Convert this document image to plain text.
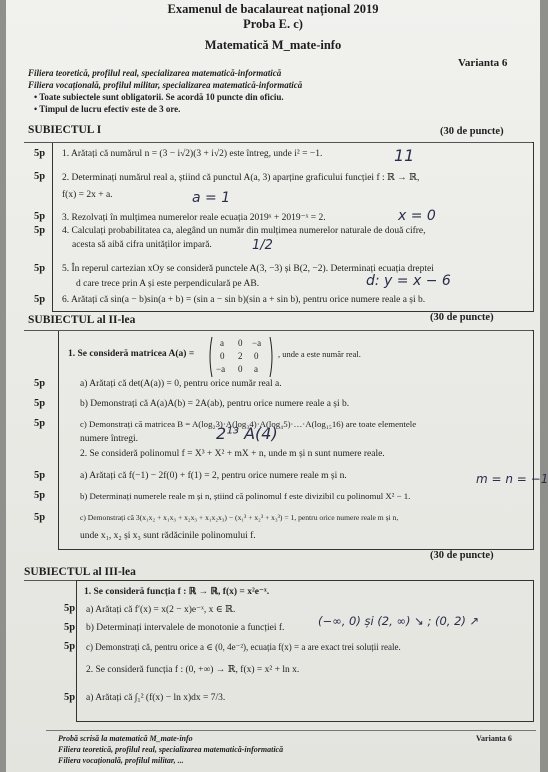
Examenul de bacalaureat național 2019
Proba E. c)
Matematică M_mate-info
Varianta 6
Filiera teoretică, profilul real, specializarea matematică-informatică
Filiera vocațională, profilul militar, specializarea matematică-informatică
• Toate subiectele sunt obligatorii. Se acordă 10 puncte din oficiu.
• Timpul de lucru efectiv este de 3 ore.
SUBIECTUL I	(30 de puncte)
5p 1. Arătați că numărul n = (3 − i√2)(3 + i√2) este întreg, unde i² = −1.
5p 2. Determinați numărul real a, știind că punctul A(a, 3) aparține graficului funcției f : ℝ → ℝ,
f(x) = 2x + a.
5p 3. Rezolvați în mulțimea numerelor reale ecuația 2019ˣ + 2019⁻ˣ = 2.
5p 4. Calculați probabilitatea ca, alegând un număr din mulțimea numerelor naturale de două cifre,
acesta să aibă cifra unităților impară.
5p 5. În reperul cartezian xOy se consideră punctele A(3, −3) și B(2, −2). Determinați ecuația dreptei
d care trece prin A și este perpendiculară pe AB.
5p 6. Arătați că sin(a − b)sin(a + b) = (sin a − sin b)(sin a + sin b), pentru orice numere reale a și b.
11
a = 1
x = 0
1/2
d: y = x − 6
SUBIECTUL al II-lea	(30 de puncte)
1. Se consideră matricea A(a) =
a 0 −a
0 2 0
−a 0 a
, unde a este număr real.
5p	a) Arătați că det(A(a)) = 0, pentru orice număr real a.
5p	b) Demonstrați că A(a)A(b) = 2A(ab), pentru orice numere reale a și b.
5p	c) Demonstrați că matricea B = A(log₂3)·A(log₃4)·A(log₄5)·…·A(log₁₅16) are toate elementele
numere întregi.
2. Se consideră polinomul f = X³ + X² + mX + n, unde m și n sunt numere reale.
5p	a) Arătați că f(−1) − 2f(0) + f(1) = 2, pentru orice numere reale m și n.
5p	b) Determinați numerele reale m și n, știind că polinomul f este divizibil cu polinomul X² − 1.
5p	c) Demonstrați că 3(x₁x₂ + x₁x₃ + x₂x₃ + x₁x₂x₃) − (x₁³ + x₂³ + x₃³) = 1, pentru orice numere reale m și n,
unde x₁, x₂ și x₃ sunt rădăcinile polinomului f.
2¹³ A(4)
m = n = −1
(30 de puncte)
SUBIECTUL al III-lea
1. Se consideră funcția f : ℝ → ℝ, f(x) = x²e⁻ˣ.
5p a) Arătați că f′(x) = x(2 − x)e⁻ˣ, x ∈ ℝ.
5p b) Determinați intervalele de monotonie a funcției f.
5p c) Demonstrați că, pentru orice a ∈ (0, 4e⁻²), ecuația f(x) = a are exact trei soluții reale.
2. Se consideră funcția f : (0, +∞) → ℝ, f(x) = x² + ln x.
5p a) Arătați că ∫₁² (f(x) − ln x)dx = 7/3.
(−∞, 0) și (2, ∞) ↘ ; (0, 2) ↗
Probă scrisă la matematică M_mate-info
Filiera teoretică, profilul real, specializarea matematică-informatică
Filiera vocațională, profilul militar, ...
Varianta 6
